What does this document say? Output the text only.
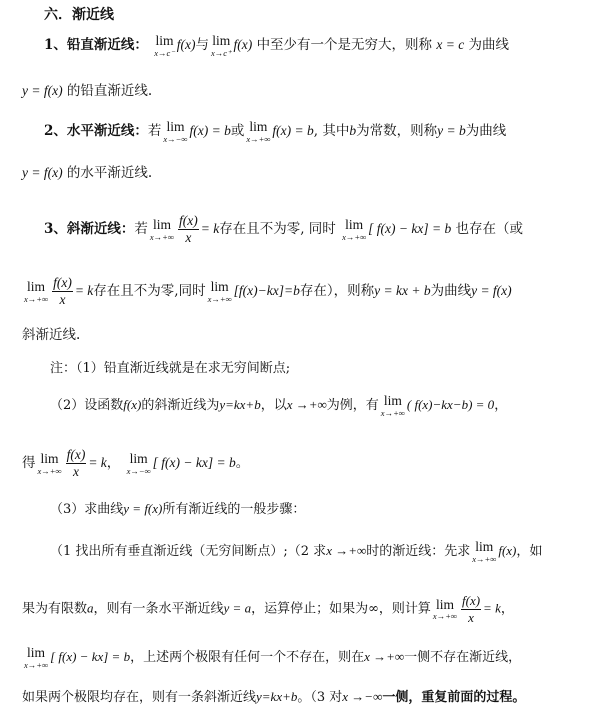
六．渐近线
1、铅直渐近线： lim
x→c⁻
f(x)与 lim
x→c⁺
f(x) 中至少有一个是无穷大，则称 x = c 为曲线
y = f(x) 的铅直渐近线.
2、水平渐近线：若 lim
x→−∞
f(x) = b或 lim
x→+∞
f(x) = b, 其中b为常数，则称y = b为曲线
y = f(x) 的水平渐近线.
3、斜渐近线：若 lim
$x\to+\infty \frac{f(x)}{x} = k$存在且不为零, 同时 lim
x→+∞
[ f(x) − kx] = b 也存在（或
lim
$x\to+\infty \frac{f(x)}{x} = k$存在且不为零,同时 lim
x→+∞
[f(x)−kx]=b存在），则称y = kx + b为曲线y = f(x)
斜渐近线.
注：（1）铅直渐近线就是在求无穷间断点;
（2）设函数f(x)的斜渐近线为y=kx+b，以x →+∞为例，有 lim
x→+∞
( f(x)−kx−b) = 0，
得 lim
$x\to+\infty \frac{f(x)}{x} = k$， lim
x→−∞
[ f(x) − kx] = b。
（3）求曲线y = f(x)所有渐近线的一般步骤：
（1 找出所有垂直渐近线（无穷间断点）;（2 求x →+∞时的渐近线：先求 lim
x→+∞
f(x)，如
果为有限数a，则有一条水平渐近线y = a，运算停止；如果为∞，则计算 lim
$x\to+\infty \frac{f(x)}{x} = k$，
lim
x→+∞
[ f(x) − kx] = b，上述两个极限有任何一个不存在，则在x →+∞一侧不存在渐近线，
如果两个极限均存在，则有一条斜渐近线y=kx+b。（3 对x →−∞一侧，重复前面的过程。
